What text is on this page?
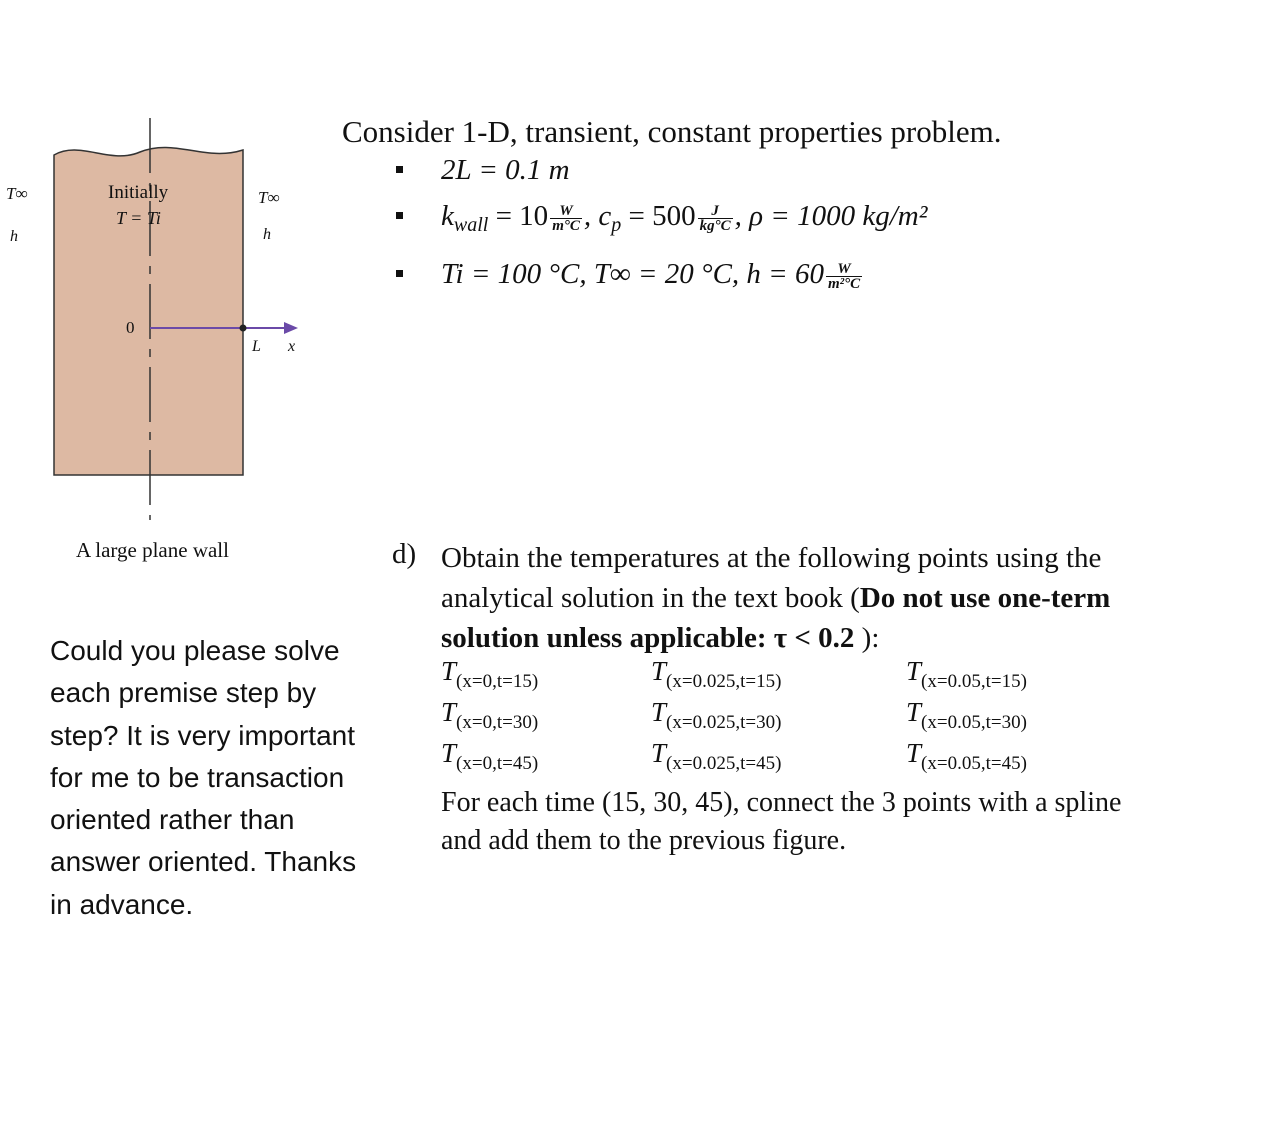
T∞
h
Initially
T = Ti
T∞
h
0
L x
A large plane wall
Consider 1-D, transient, constant properties problem.
2L = 0.1 m
$k_{wall} = 10 \frac{W}{m^\circ C}$ , $c_p = 500 \frac{J}{kg^\circ C}$ , ρ = 1000 kg/m²
Ti = 100 °C, T∞ = 20 °C, $h = 60 \frac{W}{\text{m²°C}}$
d) Obtain the temperatures at the following points using the
analytical solution in the text book (Do not use one-term
solution unless applicable: τ < 0.2 ):
$T_{(x=0,t=15)}$	$T_{(x=0.025,t=15)}$	$T_{(x=0.05,t=15)}$
$T_{(x=0,t=30)}$	$T_{(x=0.025,t=30)}$	$T_{(x=0.05,t=30)}$
$T_{(x=0,t=45)}$	$T_{(x=0.025,t=45)}$	$T_{(x=0.05,t=45)}$
For each time (15, 30, 45), connect the 3 points with a spline
and add them to the previous figure.
Could you please solve
each premise step by
step? It is very important
for me to be transaction
oriented rather than
answer oriented. Thanks
in advance.
